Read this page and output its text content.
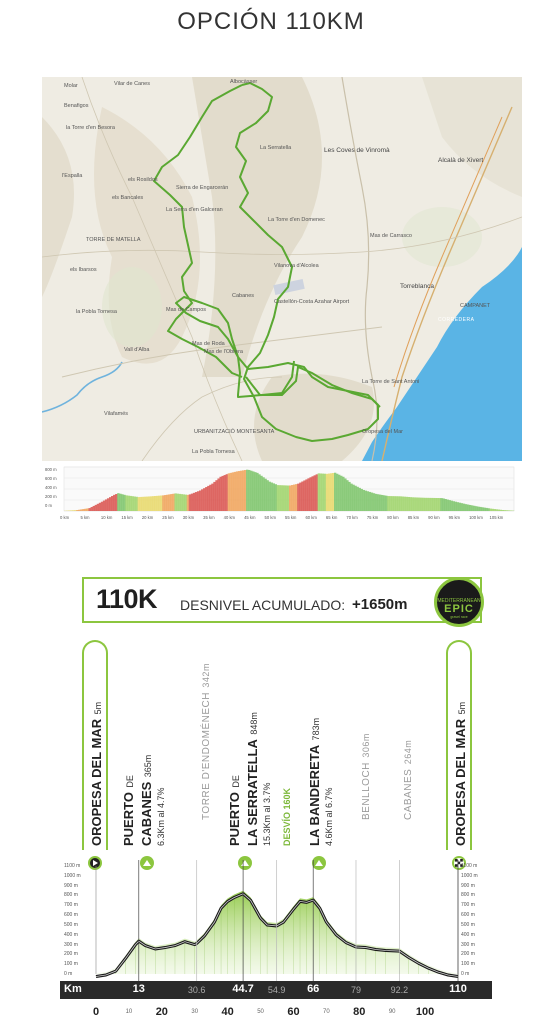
OPCIÓN 110KM
Vilar de Canes	Albocàsser
Benafigos
La Serratella	Les Coves de Vinromà
Alcalà de Xivert
la Torre d'en Besora
Sierra de Engarcerán
els Rosildos
els Bancales
La Serra d'en Galceran
La Torre d'en Domenec
Mas de Carrasco
Vilanova d'Alcolea
Castellón-Costa Azahar Airport
Torreblanca
els Ibarsos
Cabanes
Mas de Campos
Mas de Roda
Mas de l'Obrera
Vall d'Alba
la Pobla Tornesa
Vilafamés
La Torre de Sant Antoni
Oropesa del Mar
La Pobla Tornesa
CORREDERA
URBANITZACIÓ MONTESANTA
TORRE DE MATELLA
Molar
l'Espalla
CAMPANET
800 m
600 m
400 m
200 m
0 m
0 km	5 km	10 km 15 km 20 km 25 km 30 km 35 km 40 km 45 km 50 km 55 km 60 km 65 km 70 km 75 km 80 km 85 km 90 km 95 km 100 km 105 km
110K DESNIVEL ACUMULADO: +1650m	MEDITERRANEAN
EPIC
gravel race
OROPESA DEL MAR 5m
OROPESA DEL MAR 5m
PUERTO DE
CABANES 365m
6.3Km al 4.7%	TORRE D'ENDOMÉNECH 342m
PUERTO DE LA SERRATELLA 848m
15.3Km al 3.7%	DESVÍO 160K LA BANDERETA 783m
4.6Km al 6.7%	BENLLOCH 306m
CABANES 264m
1100 m
1000 m
900 m
800 m
700 m
600 m
500 m
400 m
300 m
200 m
100 m
0 m
1100 m
1000 m
900 m
800 m
700 m
600 m
500 m
400 m
300 m
200 m
100 m
0 m
Km	13	30.6	44.7	54.9	66	79	92.2	110
0	20	40	60	80	100
10	30	50	70	90
